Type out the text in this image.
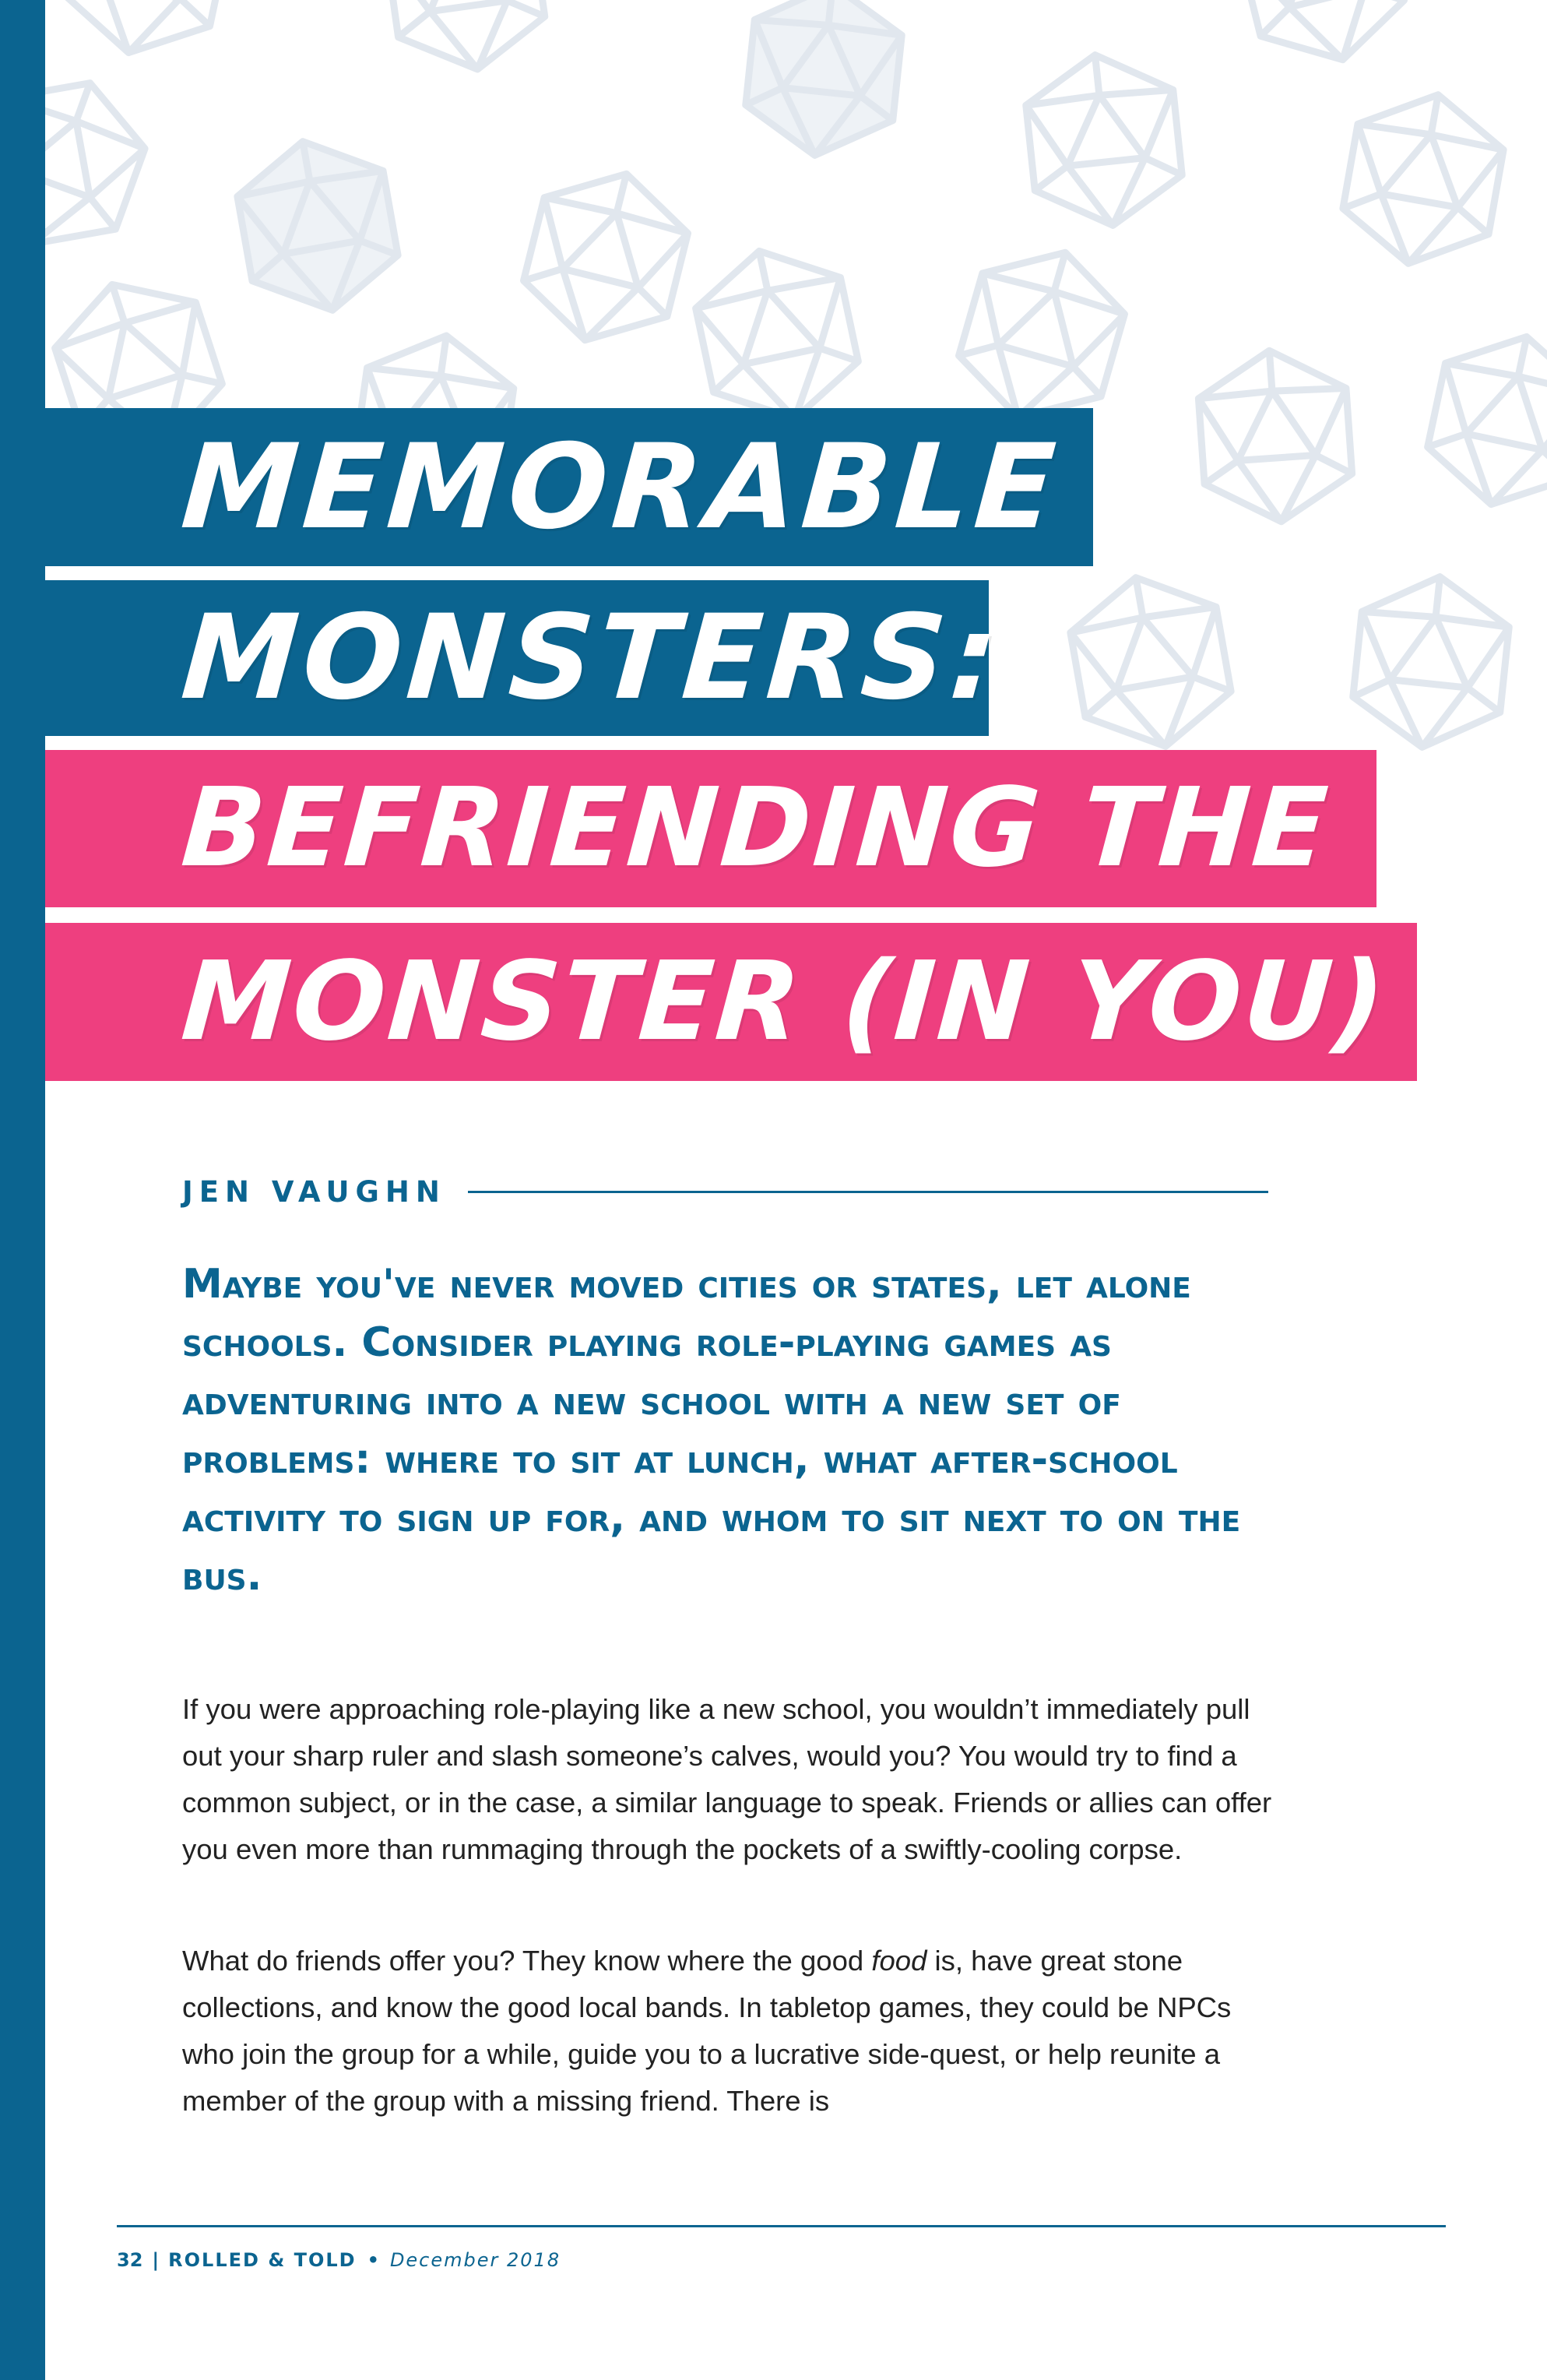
MEMORABLE
MONSTERS:
BEFRIENDING THE
MONSTER (IN YOU)
JEN VAUGHN
Maybe you've never moved cities or states, let alone schools. Consider playing role-playing games as adventuring into a new school with a new set of problems: where to sit at lunch, what after-school activity to sign up for, and whom to sit next to on the bus.

If you were approaching role-playing like a new school, you wouldn’t immediately pull out your sharp ruler and slash someone’s calves, would you? You would try to find a common subject, or in the case, a similar language to speak. Friends or allies can offer you even more than rummaging through the pockets of a swiftly-cooling corpse.

What do friends offer you? They know where the good food is, have great stone collections, and know the good local bands. In tabletop games, they could be NPCs who join the group for a while, guide you to a lucrative side-quest, or help reunite a member of the group with a missing friend. There is

32 | ROLLED & TOLD • December 2018
